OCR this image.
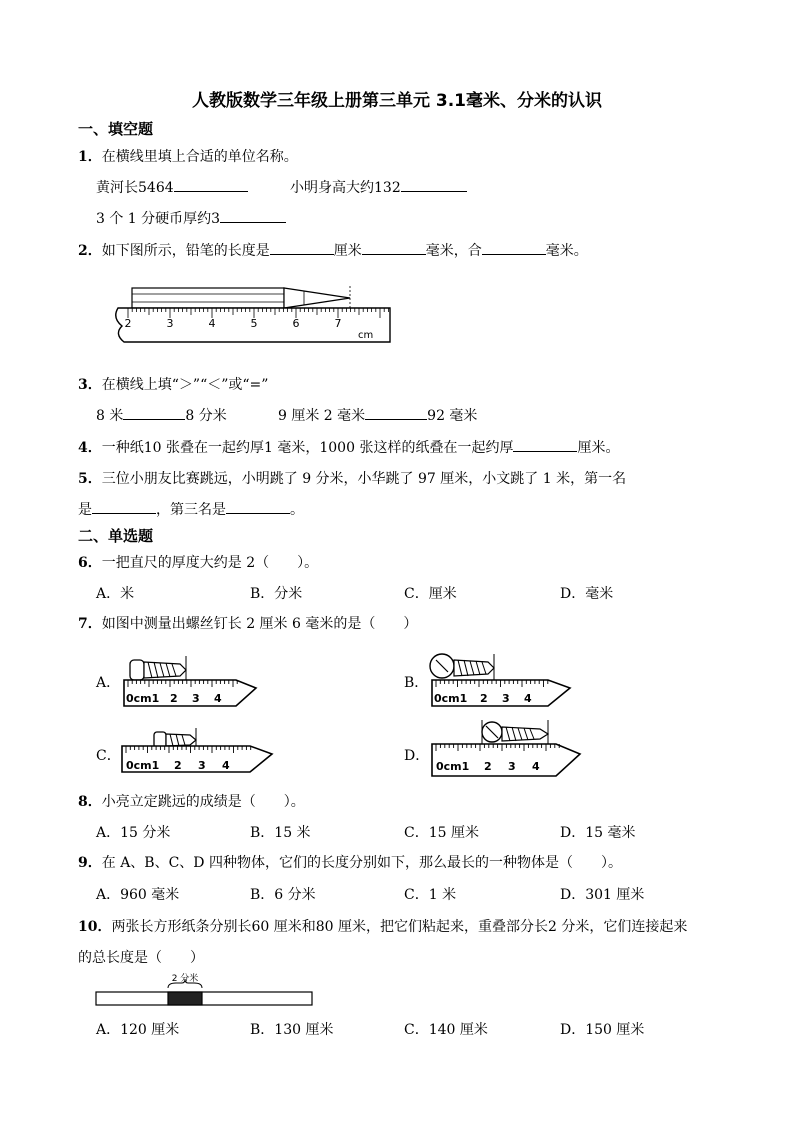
人教版数学三年级上册第三单元 3.1毫米、分米的认识
一、填空题
1．在横线里填上合适的单位名称。
黄河长5464	小明身高大约132
3 个 1 分硬币厚约3
2．如下图所示，铅笔的长度是	厘米	毫米，合	毫米。
2	3	4	5	6	7
cm
3．在横线上填“＞”“＜”或“=”
8 米	8 分米	9 厘米 2 毫米	92 毫米
4．一种纸10 张叠在一起约厚1 毫米，1000 张这样的纸叠在一起约厚	厘米。
5．三位小朋友比赛跳远，小明跳了 9 分米，小华跳了 97 厘米，小文跳了 1 米，第一名
是	，第三名是	。
二、单选题
6．一把直尺的厚度大约是 2（　　）。
A．米	B．分米	C．厘米	D．毫米
7．如图中测量出螺丝钉长 2 厘米 6 毫米的是（　　）
A．	B．
C．	D．
0cm1 2 3 4	0cm1 2 3 4
0cm1 2 3 4	0cm1 2 3 4
8．小亮立定跳远的成绩是（　　）。
A．15 分米	B．15 米	C．15 厘米	D．15 毫米
9．在 A、B、C、D 四种物体，它们的长度分别如下，那么最长的一种物体是（　　）。
A．960 毫米	B．6 分米	C．1 米	D．301 厘米
10．两张长方形纸条分别长60 厘米和80 厘米，把它们粘起来，重叠部分长2 分米，它们连接起来
的总长度是（　　）
2 分米
A．120 厘米	B．130 厘米	C．140 厘米	D．150 厘米
